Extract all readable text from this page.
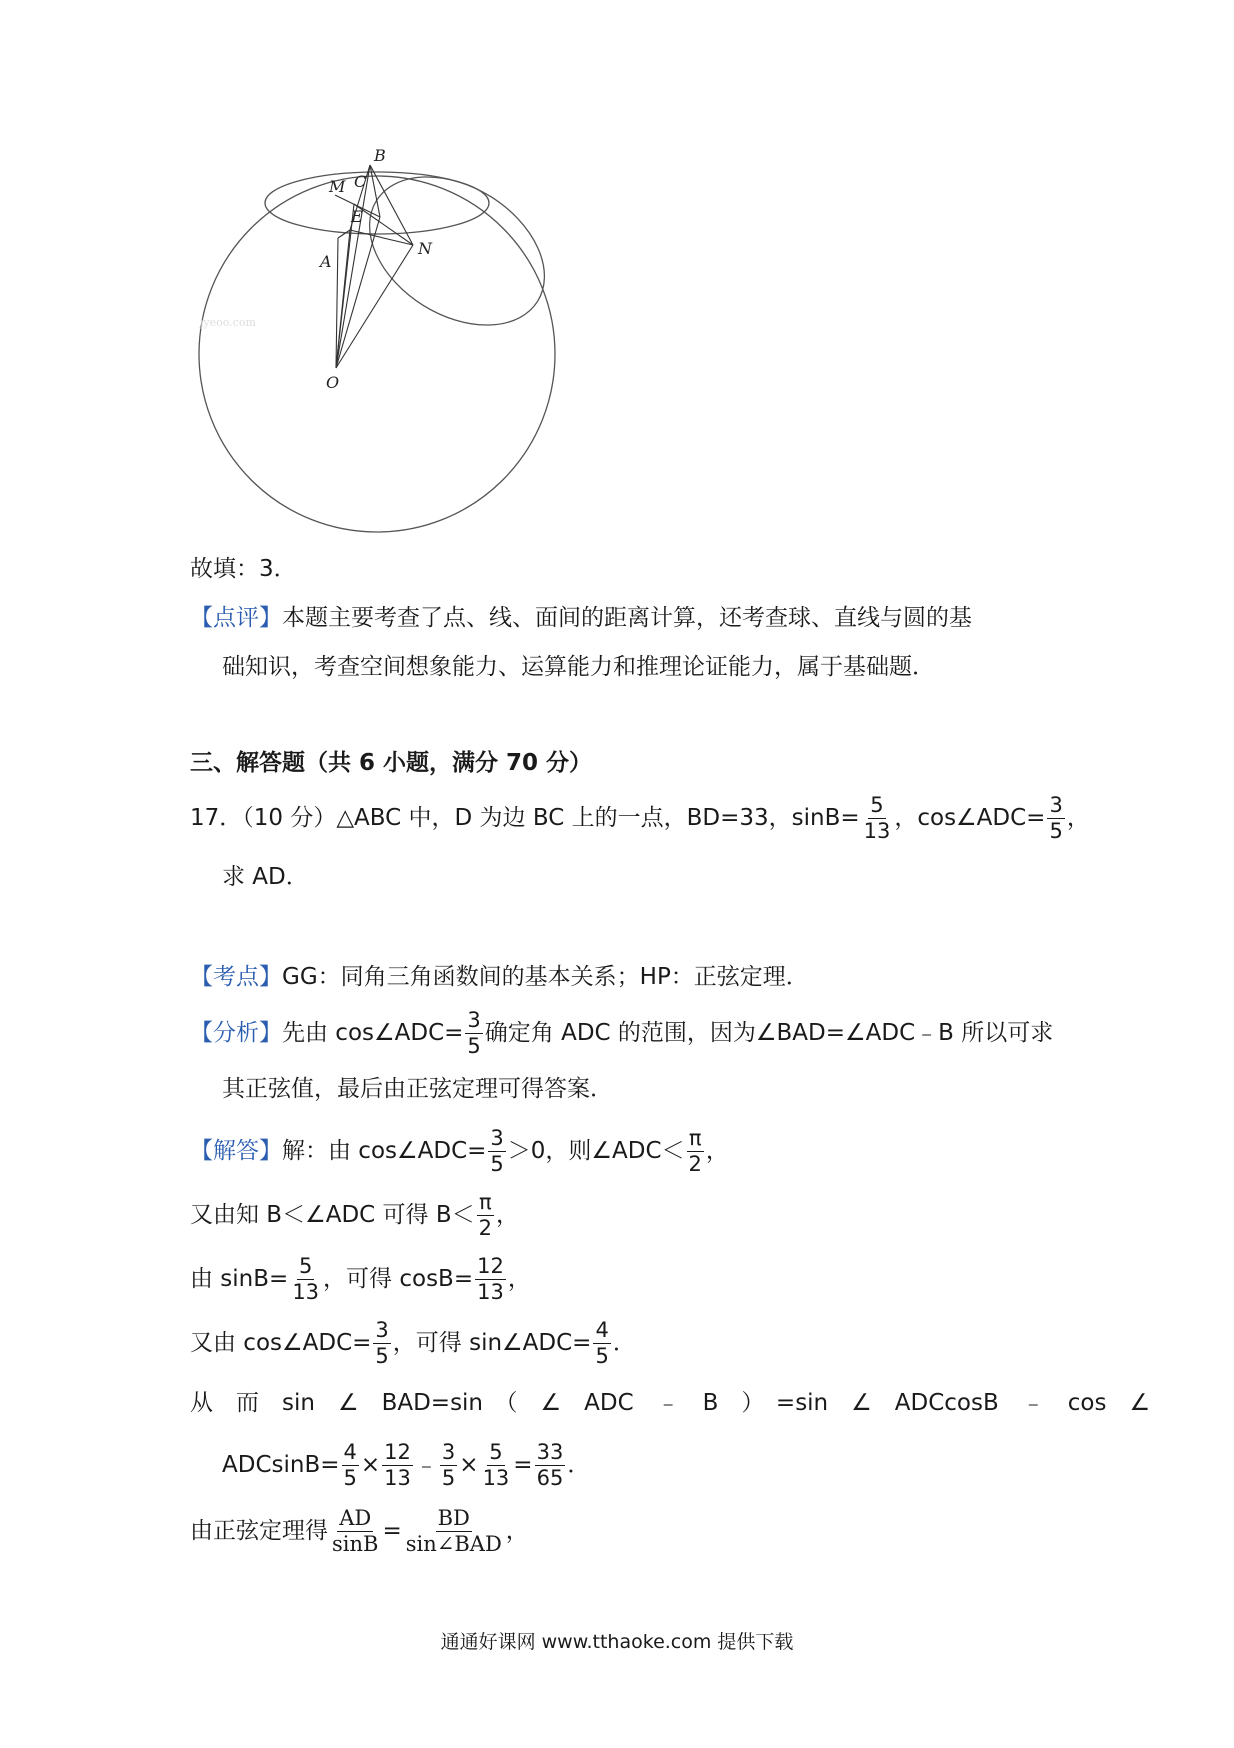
B
M C
E
N
A
O
jyeoo.com
故填：3．
【点评】本题主要考查了点、线、面间的距离计算，还考查球、直线与圆的基
础知识，考查空间想象能力、运算能力和推理论证能力，属于基础题．
三、解答题（共 6 小题，满分 70 分）
17．（10 分）△ABC 中，D 为边 BC 上的一点，BD=33，$\sin B= \frac{5}{13}$ ，cos∠ADC= $\frac{3}{5}$ ，
求 AD．
【考点】GG：同角三角函数间的基本关系；HP：正弦定理．
【分析】先由 cos∠ADC= $\frac{3}{5}$ 确定角 ADC 的范围，因为∠BAD=∠ADC﹣B 所以可求
其正弦值，最后由正弦定理可得答案．
【解答】解：由 cos∠ADC= $\frac{3}{5} >0$，则∠ADC＜ $\frac{\pi}{2}$ ，
又由知 B＜∠ADC 可得 $B< \frac{\pi}{2}$ ，
由 $\sin B= \frac{5}{13}$ ，可得 $\cos B= \frac{12}{13}$ ，
又由 cos∠ADC= $\frac{3}{5}$ ，可得 sin∠ADC= $\frac{4}{5}$ ．
从　而　sin　∠　BAD=sin　（　∠　ADC　﹣　B　）　=sin　∠　ADCcosB　﹣　cos　∠
$ADCsinB= \frac{4}{5} \times \frac{12}{13}$ ﹣ $\frac{3}{5} \times \frac{5}{13} = \frac{33}{65}$ ．
由正弦定理得 $\frac{AD}{\sin B} = \frac{BD}{\text{sin∠BAD}}$ ，
通通好课网 www.tthaoke.com 提供下载
